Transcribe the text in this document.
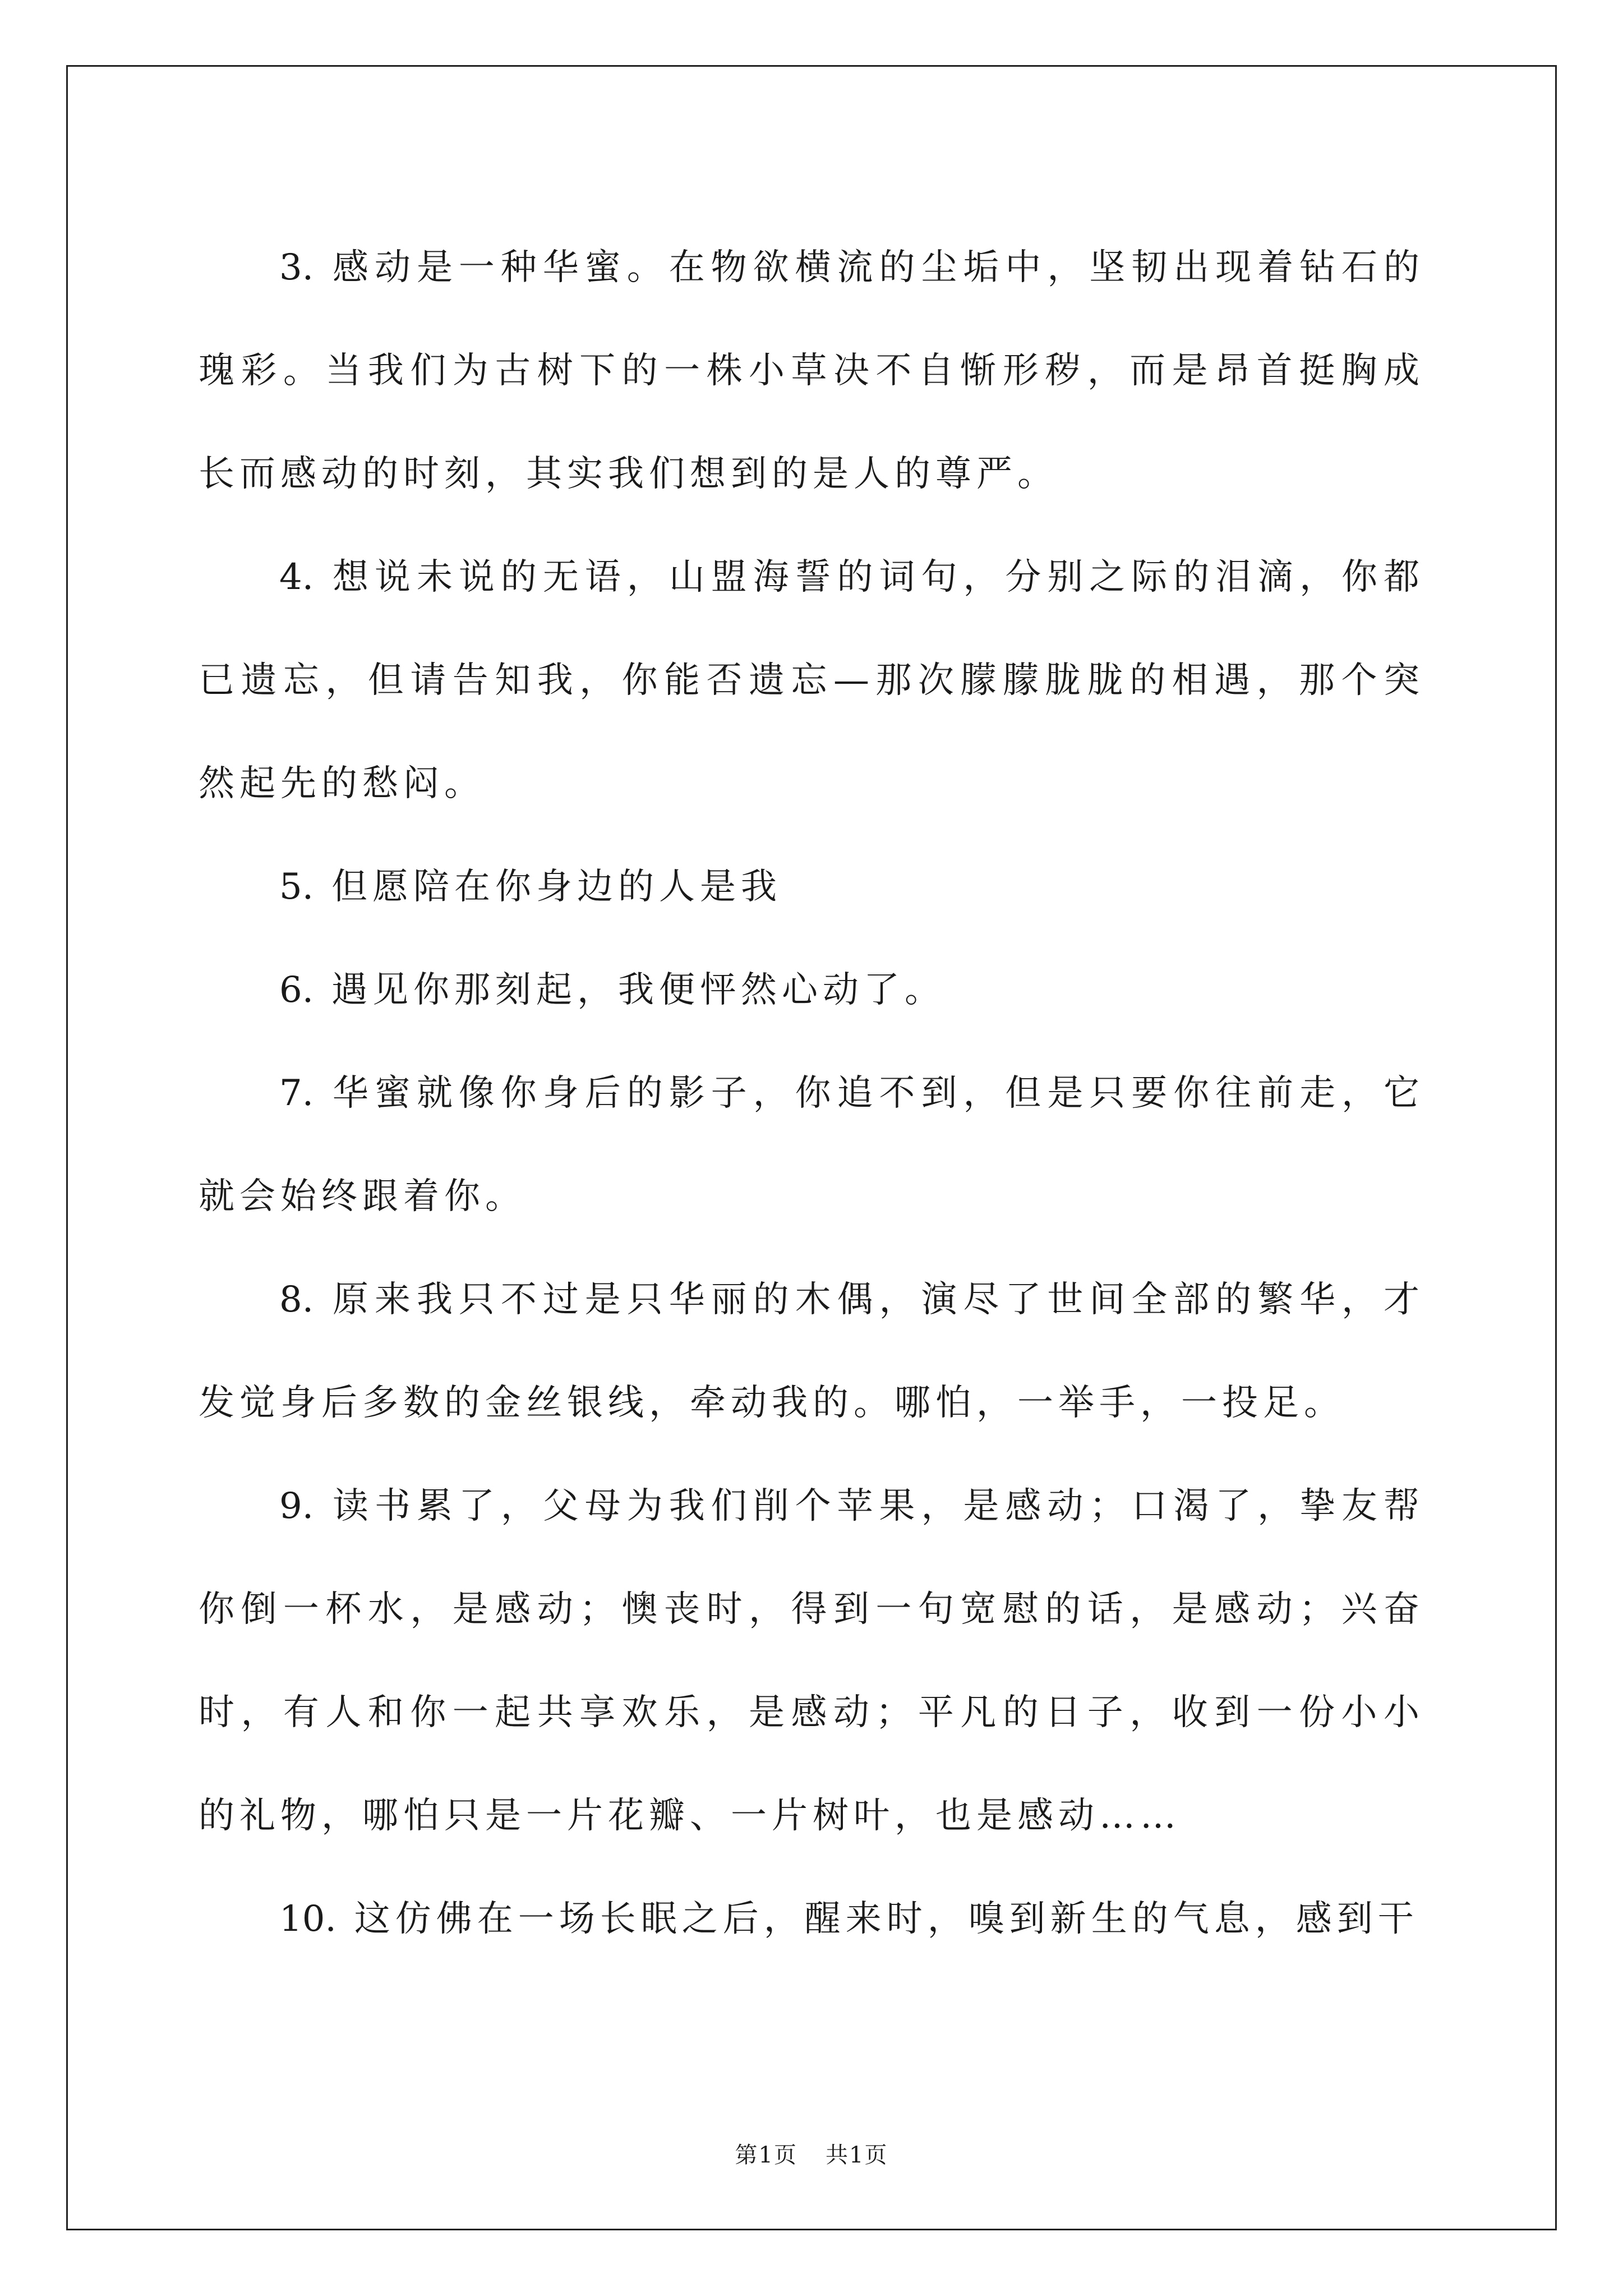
3. 感动是一种华蜜。在物欲横流的尘垢中，坚韧出现着钻石的瑰彩。当我们为古树下的一株小草决不自惭形秽，而是昂首挺胸成长而感动的时刻，其实我们想到的是人的尊严。

4. 想说未说的无语，山盟海誓的词句，分别之际的泪滴，你都已遗忘，但请告知我，你能否遗忘—那次朦朦胧胧的相遇，那个突然起先的愁闷。

5. 但愿陪在你身边的人是我

6. 遇见你那刻起，我便怦然心动了。

7. 华蜜就像你身后的影子，你追不到，但是只要你往前走，它就会始终跟着你。

8. 原来我只不过是只华丽的木偶，演尽了世间全部的繁华，才发觉身后多数的金丝银线，牵动我的。哪怕，一举手，一投足。

9. 读书累了，父母为我们削个苹果，是感动；口渴了，挚友帮你倒一杯水，是感动；懊丧时，得到一句宽慰的话，是感动；兴奋时，有人和你一起共享欢乐，是感动；平凡的日子，收到一份小小的礼物，哪怕只是一片花瓣、一片树叶，也是感动……

10. 这仿佛在一场长眠之后，醒来时，嗅到新生的气息，感到干

第1页 共1页
